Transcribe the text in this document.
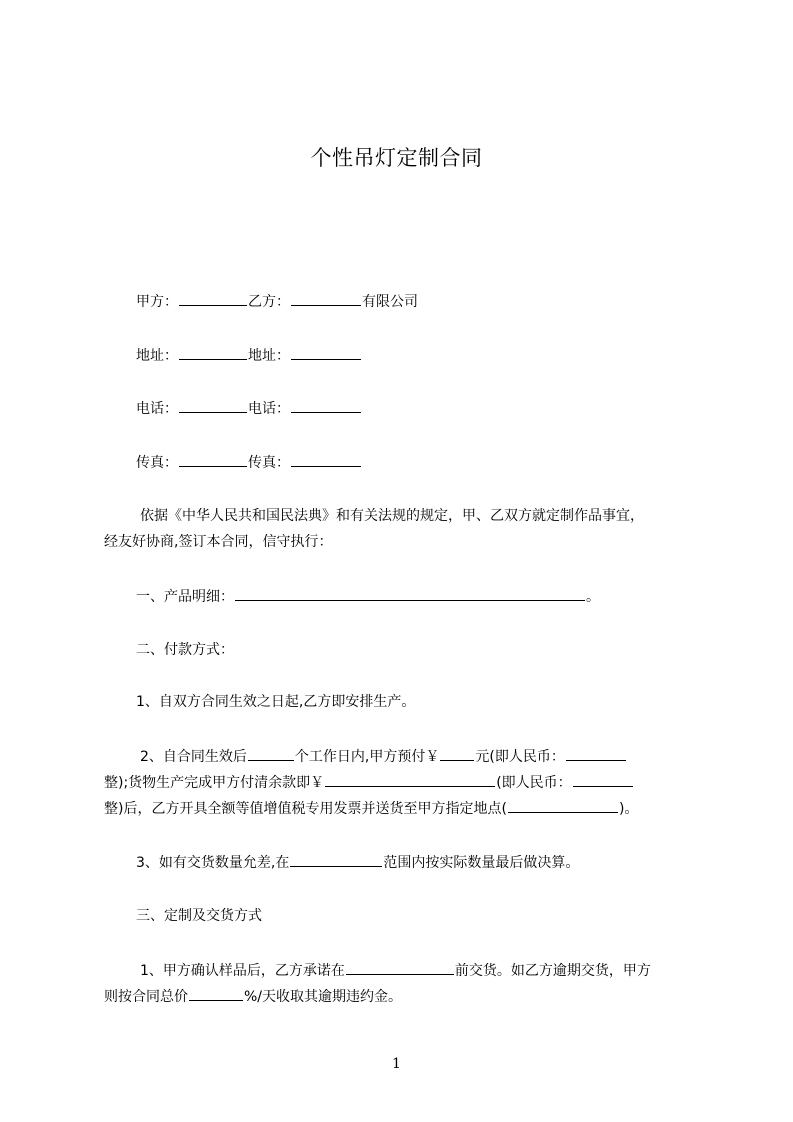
个性吊灯定制合同
甲方：	乙方：	有限公司
地址：	地址：
电话：	电话：
传真：	传真：
依据《中华人民共和国民法典》和有关法规的规定，甲、乙双方就定制作品事宜，
经友好协商,签订本合同，信守执行：
一、产品明细：	。
二、付款方式：
1、自双方合同生效之日起,乙方即安排生产。
2、自合同生效后	个工作日内,甲方预付￥	元(即人民币：
整);货物生产完成甲方付清余款即￥	(即人民币：
整)后，乙方开具全额等值增值税专用发票并送货至甲方指定地点(	)。
3、如有交货数量允差,在	范围内按实际数量最后做决算。
三、定制及交货方式
1、甲方确认样品后，乙方承诺在	前交货。如乙方逾期交货，甲方
则按合同总价	%/天收取其逾期违约金。
1
